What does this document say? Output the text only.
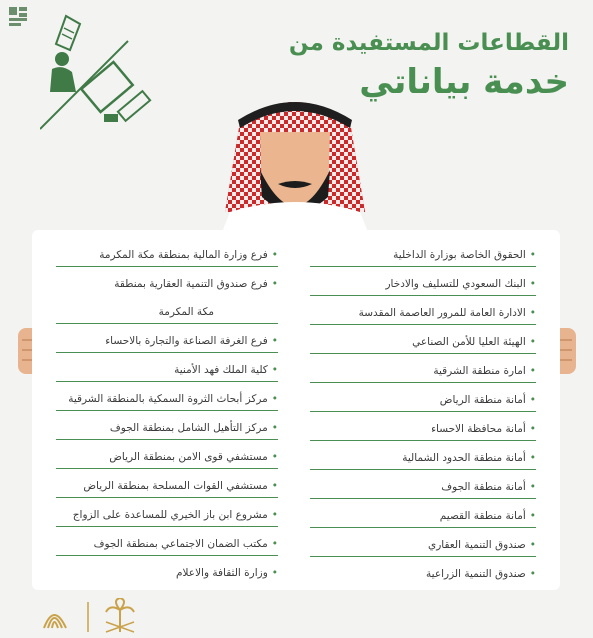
القطاعات المستفيدة من
خدمة بياناتي
•الحقوق الخاصة بوزارة الداخلية
•البنك السعودي للتسليف والادخار
•الادارة العامة للمرور العاصمة المقدسة
•الهيئة العليا للأمن الصناعي
•امارة منطقة الشرقية
•أمانة منطقة الرياض
•أمانة محافظة الاحساء
•أمانة منطقة الحدود الشمالية
•أمانة منطقة الجوف
•أمانة منطقة القصيم
•صندوق التنمية العقاري
•صندوق التنمية الزراعية
•فرع وزارة المالية بمنطقة مكة المكرمة
•فرع صندوق التنمية العقارية بمنطقة
مكة المكرمة
•فرع الغرفة الصناعة والتجارة بالاحساء
•كلية الملك فهد الأمنية
•مركز أبحاث الثروة السمكية بالمنطقة الشرقية
•مركز التأهيل الشامل بمنطقة الجوف
•مستشفي قوى الامن بمنطقة الرياض
•مستشفي القوات المسلحة بمنطقة الرياض
•مشروع ابن باز الخيري للمساعدة على الزواج
•مكتب الضمان الاجتماعي بمنطقة الجوف
•وزارة الثقافة والاعلام
